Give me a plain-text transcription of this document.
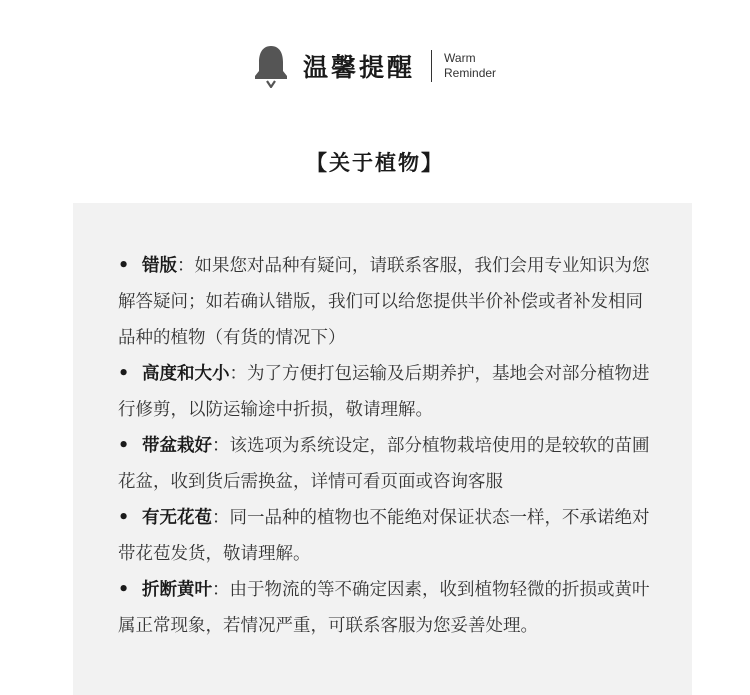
温馨提醒 Warm
Reminder
【关于植物】

• 错版：如果您对品种有疑问，请联系客服，我们会用专业知识为您解答疑问；如若确认错版，我们可以给您提供半价补偿或者补发相同品种的植物（有货的情况下）

• 高度和大小：为了方便打包运输及后期养护，基地会对部分植物进行修剪，以防运输途中折损，敬请理解。

• 带盆栽好：该选项为系统设定，部分植物栽培使用的是较软的苗圃花盆，收到货后需换盆，详情可看页面或咨询客服

• 有无花苞：同一品种的植物也不能绝对保证状态一样，不承诺绝对带花苞发货，敬请理解。

• 折断黄叶：由于物流的等不确定因素，收到植物轻微的折损或黄叶属正常现象，若情况严重，可联系客服为您妥善处理。
